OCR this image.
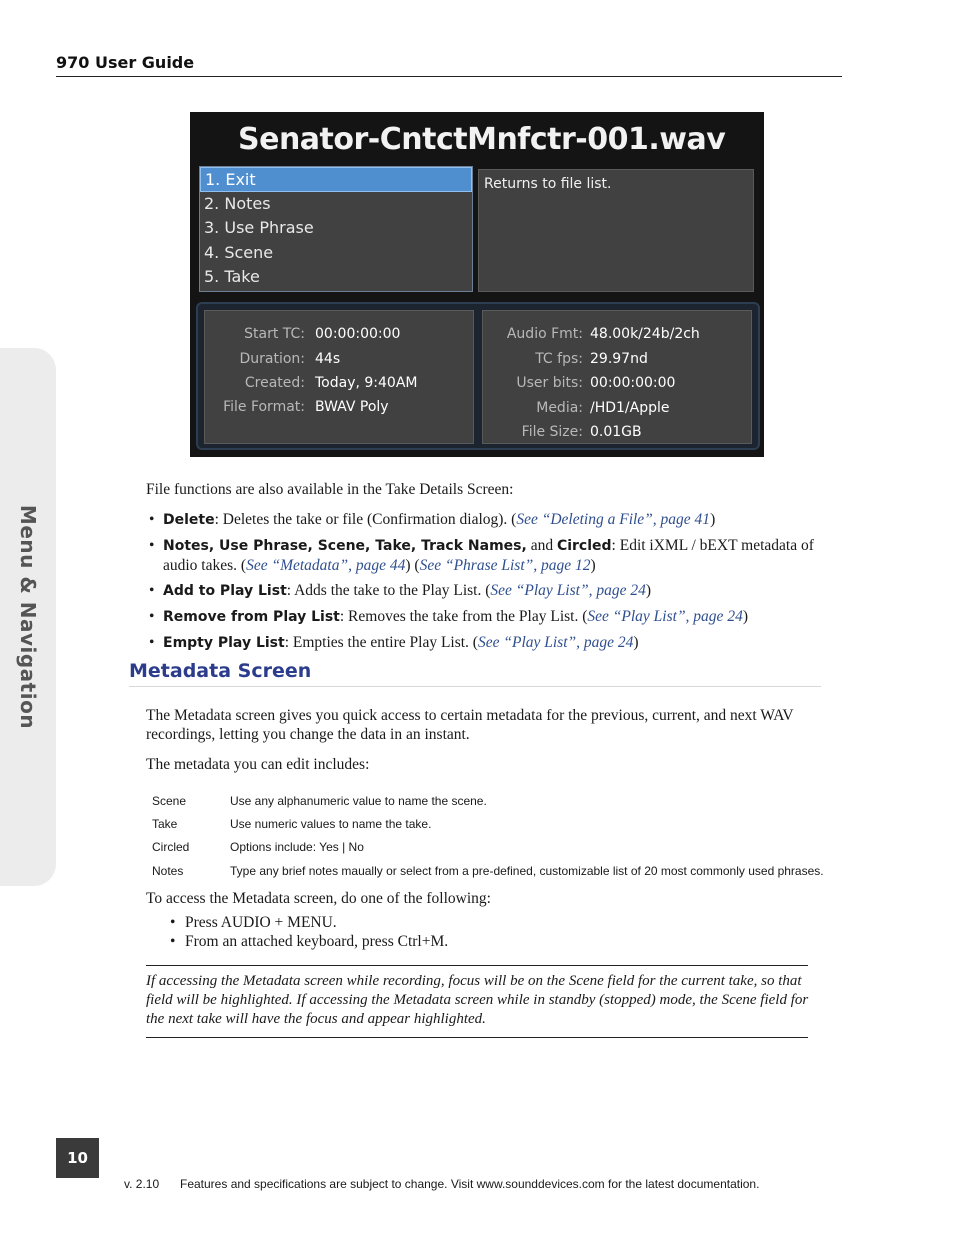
970 User Guide
Menu & Navigation
Senator-CntctMnfctr-001.wav
1. Exit
2. Notes
3. Use Phrase
4. Scene
5. Take
Returns to file list.
Start TC: 00:00:00:00
Duration: 44s
Created: Today, 9:40AM
File Format: BWAV Poly
Audio Fmt: 48.00k/24b/2ch
TC fps: 29.97nd
User bits: 00:00:00:00
Media: /HD1/Apple
File Size: 0.01GB
File functions are also available in the Take Details Screen:
• Delete: Deletes the take or file (Confirmation dialog). (See “Deleting a File”, page 41)
• Notes, Use Phrase, Scene, Take, Track Names, and Circled: Edit iXML / bEXT metadata of audio takes. (See “Metadata”, page 44) (See “Phrase List”, page 12)
• Add to Play List: Adds the take to the Play List. (See “Play List”, page 24)
• Remove from Play List: Removes the take from the Play List. (See “Play List”, page 24)
• Empty Play List: Empties the entire Play List. (See “Play List”, page 24)
Metadata Screen
The Metadata screen gives you quick access to certain metadata for the previous, current, and next WAV recordings, letting you change the data in an instant.
The metadata you can edit includes:
Scene	Use any alphanumeric value to name the scene.
Take	Use numeric values to name the take.
Circled	Options include: Yes | No
Notes	Type any brief notes maually or select from a pre-defined, customizable list of 20 most commonly used phrases.
To access the Metadata screen, do one of the following:
• Press AUDIO + MENU.
• From an attached keyboard, press Ctrl+M.
If accessing the Metadata screen while recording, focus will be on the Scene field for the current take, so that field will be highlighted. If accessing the Metadata screen while in standby (stopped) mode, the Scene field for the next take will have the focus and appear highlighted.
10
v. 2.10 Features and specifications are subject to change. Visit www.sounddevices.com for the latest documentation.
